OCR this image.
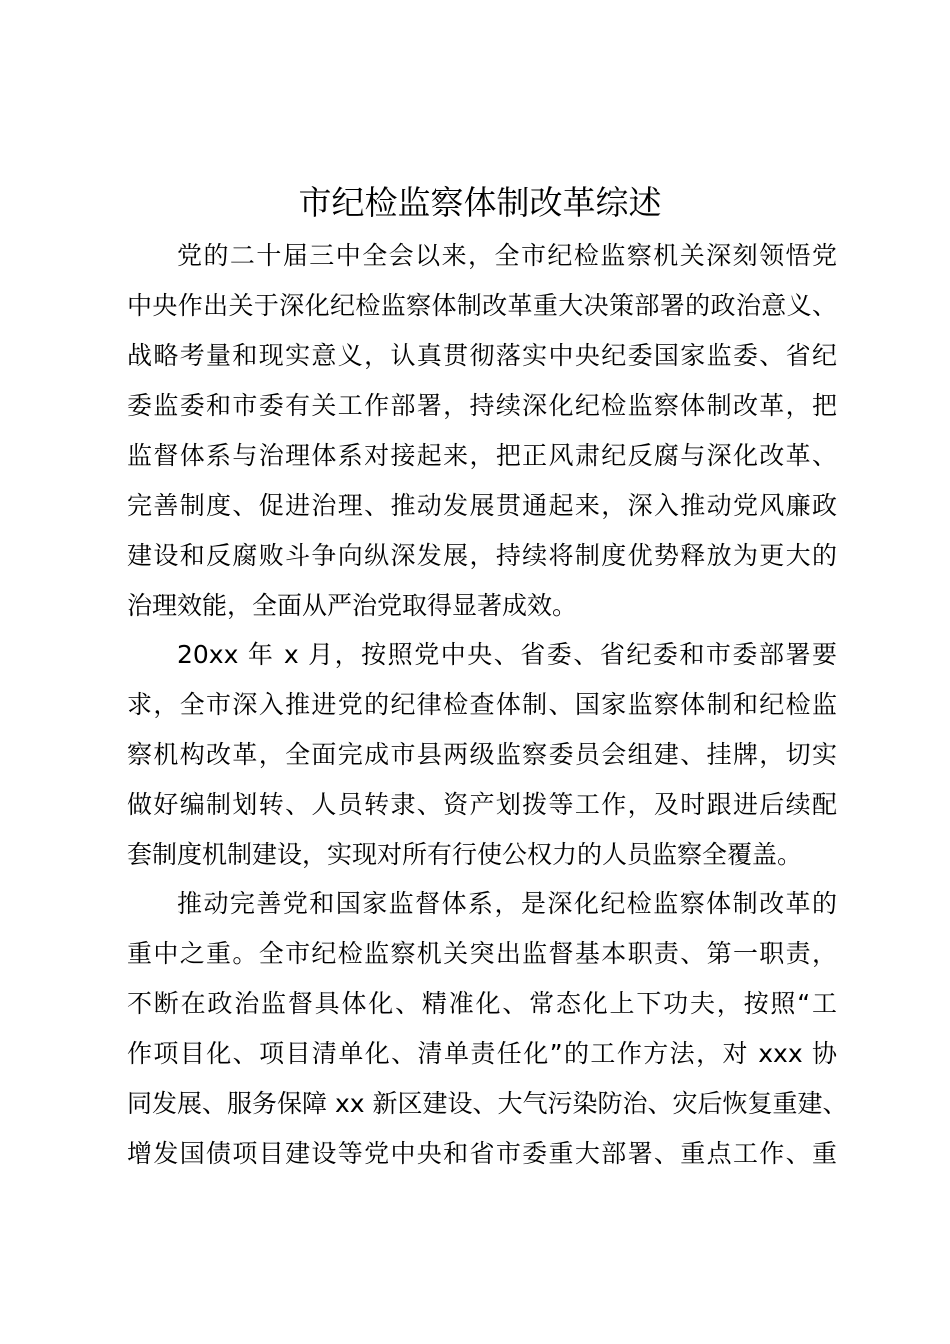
市纪检监察体制改革综述
党的二十届三中全会以来，全市纪检监察机关深刻领悟党
中央作出关于深化纪检监察体制改革重大决策部署的政治意义、
战略考量和现实意义，认真贯彻落实中央纪委国家监委、省纪
委监委和市委有关工作部署，持续深化纪检监察体制改革，把
监督体系与治理体系对接起来，把正风肃纪反腐与深化改革、
完善制度、促进治理、推动发展贯通起来，深入推动党风廉政
建设和反腐败斗争向纵深发展，持续将制度优势释放为更大的
治理效能，全面从严治党取得显著成效。
20xx 年 x 月，按照党中央、省委、省纪委和市委部署要
求，全市深入推进党的纪律检查体制、国家监察体制和纪检监
察机构改革，全面完成市县两级监察委员会组建、挂牌，切实
做好编制划转、人员转隶、资产划拨等工作，及时跟进后续配
套制度机制建设，实现对所有行使公权力的人员监察全覆盖。
推动完善党和国家监督体系，是深化纪检监察体制改革的
重中之重。全市纪检监察机关突出监督基本职责、第一职责，
不断在政治监督具体化、精准化、常态化上下功夫，按照“工
作项目化、项目清单化、清单责任化”的工作方法，对 xxx 协
同发展、服务保障 xx 新区建设、大气污染防治、灾后恢复重建、
增发国债项目建设等党中央和省市委重大部署、重点工作、重
